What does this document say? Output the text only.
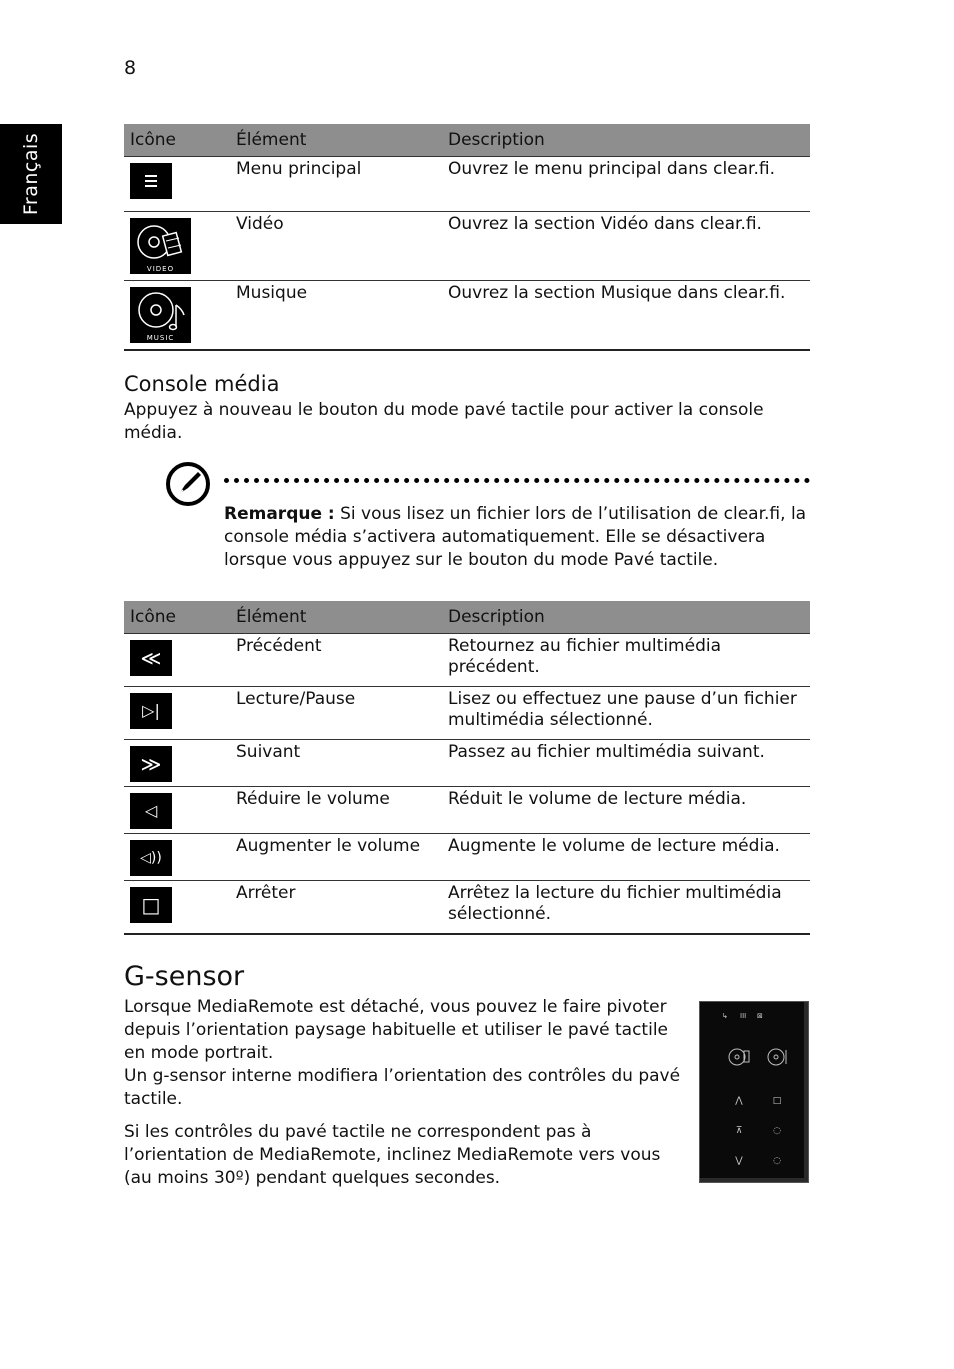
8
Français	Icône	Élément	Description
	Menu principal	Ouvrez le menu principal dans clear.fi.

VIDEO	Vidéo	Ouvrez la section Vidéo dans clear.fi.

MUSIC	Musique	Ouvrez la section Musique dans clear.fi.
Console média
Appuyez à nouveau le bouton du mode pavé tactile pour activer la console média.
Remarque : Si vous lisez un fichier lors de l’utilisation de clear.fi, la console média s’activera automatiquement. Elle se désactivera lorsque vous appuyez sur le bouton du mode Pavé tactile.
Icône	Élément	Description
≪	Précédent	Retournez au fichier multimédia précédent.
▷|	Lecture/Pause	Lisez ou effectuez une pause d’un fichier multimédia sélectionné.
≫	Suivant	Passez au fichier multimédia suivant.
◁	Réduire le volume	Réduit le volume de lecture média.
◁))	Augmenter le volume	Augmente le volume de lecture média.
□	Arrêter	Arrêtez la lecture du fichier multimédia sélectionné.
G-sensor
Lorsque MediaRemote est détaché, vous pouvez le faire pivoter depuis l’orientation paysage habituelle et utiliser le pavé tactile en mode portrait.
Un g-sensor interne modifiera l’orientation des contrôles du pavé tactile.
Si les contrôles du pavé tactile ne correspondent pas à l’orientation de MediaRemote, inclinez MediaRemote vers vous (au moins 30º) pendant quelques secondes.
↳ III ⊠
⋀	□
⊼	◌
⋁	◌
